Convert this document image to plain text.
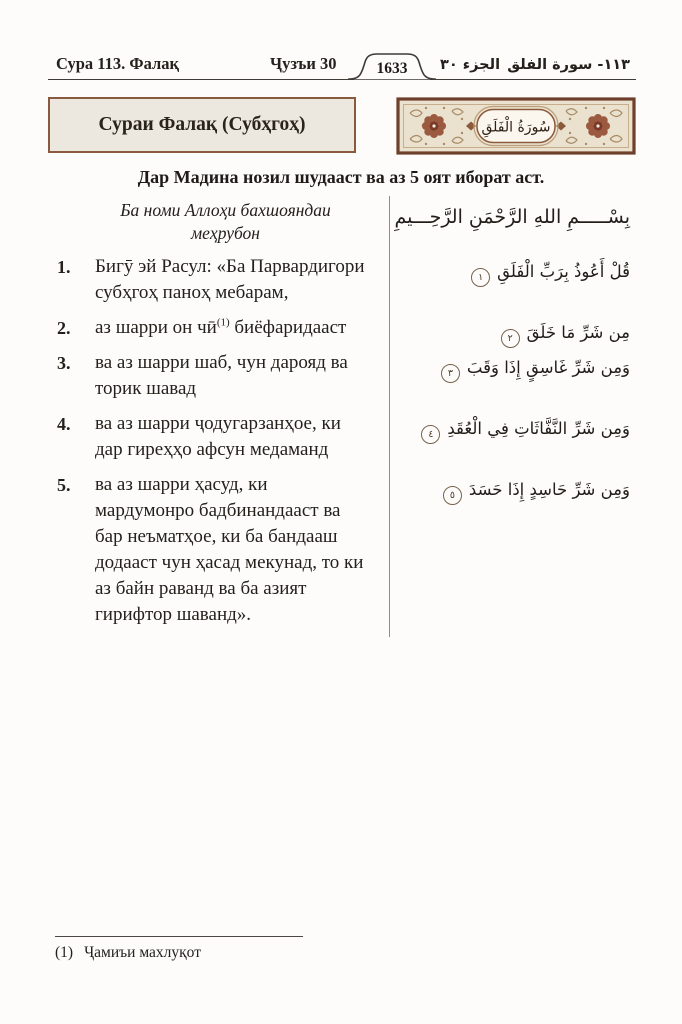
Сура 113. Фалақ	Ҷузъи 30	1633 الجزء ٣٠ ١١٣- سورة الفلق
Сураи Фалақ (Субҳгоҳ)	سُورَةُ الْفَلَقِ
Дар Мадина нозил шудааст ва аз 5 оят иборат аст.
Ба номи Аллоҳи бахшояндаи меҳрубон
بِسْـــــمِ اللهِ الرَّحْمَنِ الرَّحِـــيمِ
1.	Бигӯ эй Расул: «Ба Парвардигори субҳгоҳ паноҳ мебарам,
قُلْ أَعُوذُ بِرَبِّ الْفَلَقِ
١
2.	аз шарри он $чӣ^{(1)}$ биёфаридааст	مِن شَرِّ مَا خَلَقَ
٢
3.	ва аз шарри шаб, чун дарояд ва торик шавад
وَمِن شَرِّ غَاسِقٍ إِذَا وَقَبَ
٣
4.	ва аз шарри ҷодугарзанҳое, ки дар гиреҳҳо афсун медаманд
وَمِن شَرِّ النَّفَّاثَاتِ فِي الْعُقَدِ
٤
5.	ва аз шарри ҳасуд, ки мардумонро бадбинандааст ва бар неъматҳое, ки ба бандааш додааст чун ҳасад мекунад, то ки аз байн раванд ва ба азият гирифтор шаванд».
وَمِن شَرِّ حَاسِدٍ إِذَا حَسَدَ
٥
(1) Ҷамиъи махлуқот
